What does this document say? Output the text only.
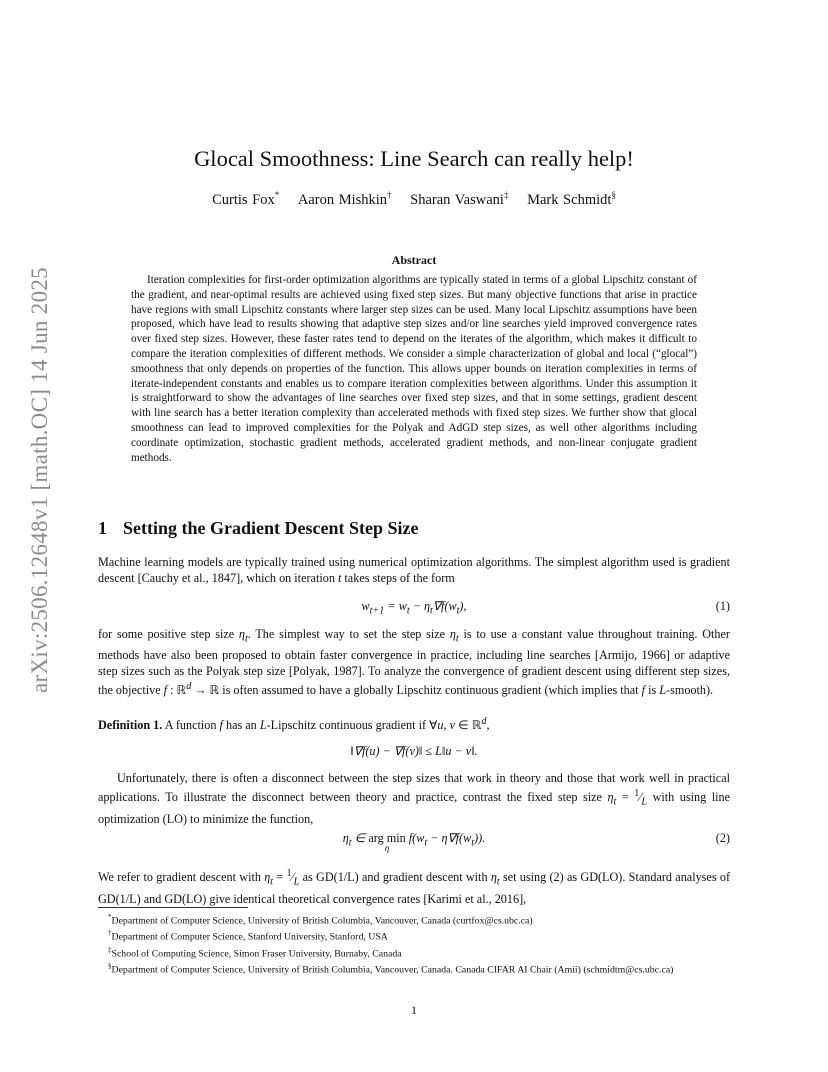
arXiv:2506.12648v1 [math.OC] 14 Jun 2025
Glocal Smoothness: Line Search can really help!
Curtis Fox* Aaron Mishkin† Sharan Vaswani‡ Mark Schmidt§
Abstract
Iteration complexities for first-order optimization algorithms are typically stated in terms of a global Lipschitz constant of the gradient, and near-optimal results are achieved using fixed step sizes. But many objective functions that arise in practice have regions with small Lipschitz constants where larger step sizes can be used. Many local Lipschitz assumptions have been proposed, which have lead to results showing that adaptive step sizes and/or line searches yield improved convergence rates over fixed step sizes. However, these faster rates tend to depend on the iterates of the algorithm, which makes it difficult to compare the iteration complexities of different methods. We consider a simple characterization of global and local (“glocal”) smoothness that only depends on properties of the function. This allows upper bounds on iteration complexities in terms of iterate-independent constants and enables us to compare iteration complexities between algorithms. Under this assumption it is straightforward to show the advantages of line searches over fixed step sizes, and that in some settings, gradient descent with line search has a better iteration complexity than accelerated methods with fixed step sizes. We further show that glocal smoothness can lead to improved complexities for the Polyak and AdGD step sizes, as well other algorithms including coordinate optimization, stochastic gradient methods, accelerated gradient methods, and non-linear conjugate gradient methods.
1 Setting the Gradient Descent Step Size
Machine learning models are typically trained using numerical optimization algorithms. The simplest algorithm used is gradient descent [Cauchy et al., 1847], which on iteration t takes steps of the form
$w_{t+1} = w_t - \eta_t\nabla f(w_t)$,	(1)
for some positive step size $\eta_t$. The simplest way to set the step size $\eta_t$ is to use a constant value throughout training. Other methods have also been proposed to obtain faster convergence in practice, including line searches [Armijo, 1966] or adaptive step sizes such as the Polyak step size [Polyak, 1987]. To analyze the convergence of gradient descent using different step sizes, the objective f : ℝ$^d$ → ℝ is often assumed to have a globally Lipschitz continuous gradient (which implies that f is L-smooth).
Definition 1. A function f has an L-Lipschitz continuous gradient if ∀u, v ∈ ℝ$^d$,
‖∇f(u) − ∇f(v)‖ ≤ L‖u − v‖.
Unfortunately, there is often a disconnect between the step sizes that work in theory and those that work well in practical applications. To illustrate the disconnect between theory and practice, contrast the fixed step size $\eta_t$ = $^1⁄_L$ with using line optimization (LO) to minimize the function,
$\eta_t$ ∈ arg min
η
$f(w_t - \eta\nabla f(w_t))$.	(2)
We refer to gradient descent with $\eta_t$ = $^1⁄_L$ as GD(1/L) and gradient descent with $\eta_t$ set using (2) as GD(LO). Standard analyses of GD(1/L) and GD(LO) give identical theoretical convergence rates [Karimi et al., 2016],
*Department of Computer Science, University of British Columbia, Vancouver, Canada (curtfox@cs.ubc.ca)
†Department of Computer Science, Stanford University, Stanford, USA
‡School of Computing Science, Simon Fraser University, Burnaby, Canada
§Department of Computer Science, University of British Columbia, Vancouver, Canada. Canada CIFAR AI Chair (Amii) (schmidtm@cs.ubc.ca)
1
